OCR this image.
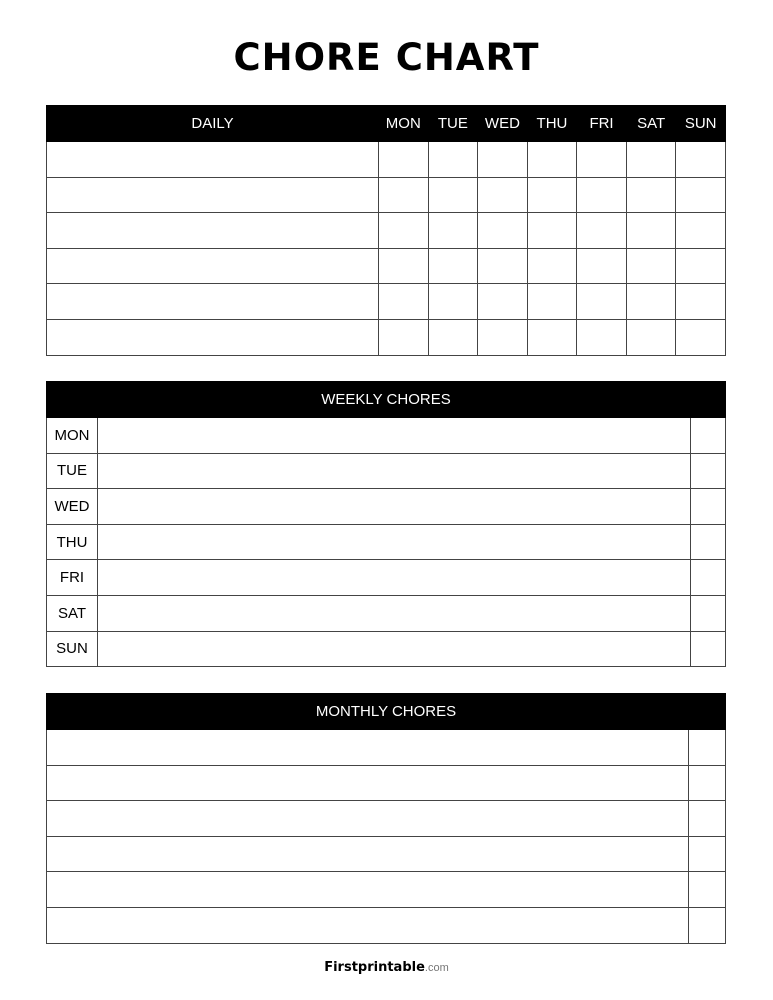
CHORE CHART
DAILY	MON	TUE	WED	THU	FRI	SAT	SUN

WEEKLY CHORES		
MON		
TUE		
WED		
THU		
FRI		
SAT		
SUN		
MONTHLY CHORES	

Firstprintable.com
